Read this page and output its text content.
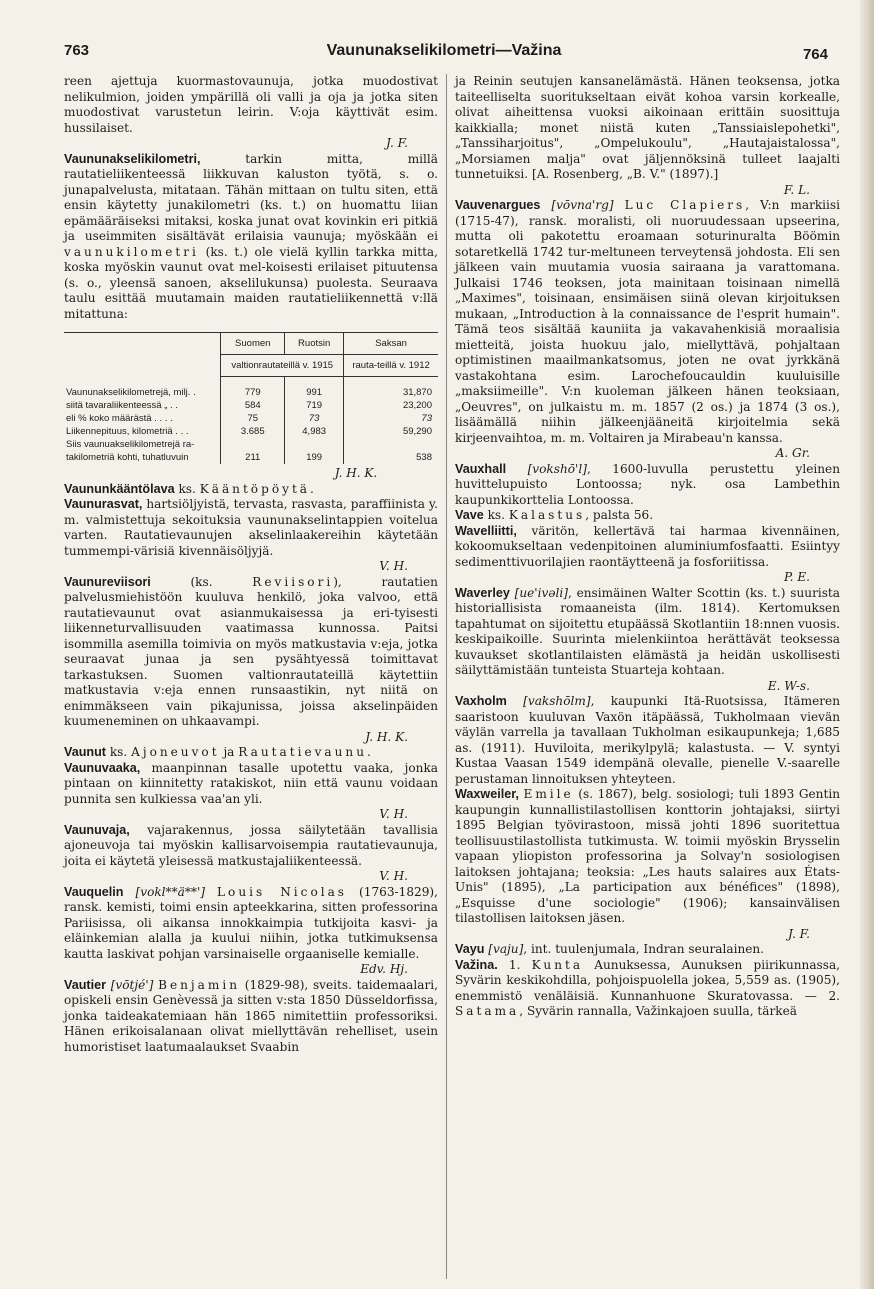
763	Vaununakselikilometri—Važina	764

reen ajettuja kuormastovaunuja, jotka muodostivat nelikulmion, joiden ympärillä oli valli ja oja ja jotka siten muodostivat varustetun leirin. V:oja käyttivät esim. hussilaiset.
J. F.

Vaununakselikilometri,	tarkin mitta, millä rautatieliikenteessä liikkuvan kaluston työtä, s. o. junapalvelusta, mitataan. Tähän mittaan on tultu siten, että ensin käytetty junakilometri (ks. t.) on huomattu liian epämääräiseksi mitaksi, koska junat ovat kovinkin eri pitkiä ja useimmiten sisältävät erilaisia vaunuja; myöskään ei vaunukilometri (ks. t.) ole vielä kyllin tarkka mitta, koska myöskin vaunut ovat mel-koisesti erilaiset pituutensa (s. o., yleensä sanoen, akselilukunsa) puolesta. Seuraava taulu esittää muutamain maiden rautatieliikennettä v:llä mitattuna:

	Suomen	Ruotsin	Saksan
	valtionrautateillä v. 1915		rauta-teillä v. 1912
Vaununakselikilometrejä, milj. .	779	991	31,870
siitä tavaraliikenteessä „ . .	584	719	23,200
eli % koko määrästä . . . .	75	73	73
Liikennepituus, kilometriä . . .	3.685	4,983	59,290
Siis vaunuakselikilometrejä ra-			
takilometriä kohti, tuhatluvuin	211	199	538
J. H. K.

Vaununkääntölava ks. Kääntöpöytä.

Vaunurasvat, hartsiöljyistä, tervasta, rasvasta, paraffiinista y. m. valmistettuja sekoituksia vaununakselintappien voitelua varten. Rautatievaunujen akselinlaakereihin käytetään tummempi-värisiä kivennäisöljyjä.
V. H.

Vaunureviisori	(ks.	Reviisori), rautatien palvelusmiehistöön kuuluva henkilö, joka valvoo, että rautatievaunut ovat asianmukaisessa ja eri-tyisesti liikenneturvallisuuden vaatimassa kunnossa. Paitsi isommilla asemilla toimivia on myös matkustavia v:eja, jotka seuraavat junaa ja sen pysähtyessä toimittavat tarkastuksen. Suomen valtionrautateillä käytettiin matkustavia v:eja ennen runsaastikin, nyt niitä on enimmäkseen vain pikajunissa, joissa akselinpäiden kuumeneminen on uhkaavampi.
J. H. K.

Vaunut ks. Ajoneuvot ja Rautatievaunu.

Vaunuvaaka, maanpinnan tasalle upotettu vaaka, jonka pintaan on kiinnitetty ratakiskot, niin että vaunu voidaan punnita sen kulkiessa vaa'an yli.
V. H.

Vaunuvaja, vajarakennus, jossa säilytetään tavallisia ajoneuvoja tai myöskin kallisarvoisempia rautatievaunuja, joita ei käytetä yleisessä matkustajaliikenteessä.
V. H.

Vauquelin [vokl**ä**'] Louis Nicolas (1763-1829), ransk. kemisti, toimi ensin apteekkarina, sitten professorina Pariisissa, oli aikansa innokkaimpia tutkijoita kasvi- ja eläinkemian alalla ja kuului niihin, jotka tutkimuksensa kautta laskivat pohjan varsinaiselle orgaaniselle kemialle.
Edv. Hj.

Vautier [vōtjé'] Benjamin (1829-98), sveits. taidemaalari, opiskeli ensin Genèvessä ja sitten v:sta 1850 Düsseldorfissa, jonka taideakatemiaan hän 1865 nimitettiin professoriksi. Hänen erikoisalanaan olivat miellyttävän rehelliset, usein humoristiset laatumaalaukset Svaabin

ja Reinin seutujen kansanelämästä. Hänen teoksensa, jotka taiteelliselta suoritukseltaan eivät kohoa varsin korkealle, olivat aiheittensa vuoksi aikoinaan erittäin suosittuja kaikkialla; monet niistä kuten „Tanssiaislepohetki", „Tanssiharjoitus", „Ompelukoulu", „Hautajaistalossa", „Morsiamen malja" ovat jäljennöksinä tulleet laajalti tunnetuiksi. [A. Rosenberg, „B. V." (1897).]
F. L.

Vauvenargues [vōvna'rg] Luc Clapiers, V:n markiisi (1715-47), ransk. moralisti, oli nuoruudessaan upseerina, mutta oli pakotettu eroamaan soturinuralta Böömin sotaretkellä 1742 tur-meltuneen terveytensä johdosta. Eli sen jälkeen vain muutamia vuosia sairaana ja varattomana. Julkaisi 1746 teoksen, jota mainitaan toisinaan nimellä „Maximes", toisinaan, ensimäisen siinä olevan kirjoituksen mukaan, „Introduction à la connaissance de l'esprit humain". Tämä teos sisältää kauniita ja vakavahenkisiä moraalisia mietteitä, joista huokuu jalo, miellyttävä, pohjaltaan optimistinen maailmankatsomus, joten ne ovat jyrkkänä vastakohtana esim. Larochefoucauldin kuuluisille „maksiimeille". V:n kuoleman jälkeen hänen teoksiaan, „Oeuvres", on julkaistu m. m. 1857 (2 os.) ja 1874 (3 os.), lisäämällä niihin jälkeenjääneitä kirjoitelmia sekä kirjeenvaihtoa, m. m. Voltairen ja Mirabeau'n kanssa.
A. Gr.

Vauxhall [vokshō'l], 1600-luvulla perustettu yleinen huvittelupuisto Lontoossa; nyk. osa Lambethin kaupunkikorttelia Lontoossa.

Vave ks. Kalastus, palsta 56.

Wavelliitti, väritön, kellertävä tai harmaa kivennäinen, kokoomukseltaan vedenpitoinen aluminiumfosfaatti. Esiintyy sedimenttivuorilajien raontäytteenä ja fosforiitissa.
P. E.

Waverley [ue'ivəli], ensimäinen Walter Scottin (ks. t.) suurista historiallisista romaaneista (ilm. 1814). Kertomuksen tapahtumat on sijoitettu etupäässä Skotlantiin 18:nnen vuosis. keskipaikoille. Suurinta mielenkiintoa herättävät teoksessa kuvaukset skotlantilaisten elämästä ja heidän uskollisesti säilyttämistään tunteista Stuarteja kohtaan.
E. W-s.

Vaxholm [vakshōlm], kaupunki Itä-Ruotsissa, Itämeren saaristoon kuuluvan Vaxön itäpäässä, Tukholmaan vievän väylän varrella ja tavallaan Tukholman esikaupunkeja; 1,685 as. (1911). Huviloita, merikylpylä; kalastusta. — V. syntyi Kustaa Vaasan 1549 idempänä olevalle, pienelle V.-saarelle perustaman linnoituksen yhteyteen.

Waxweiler, Emile (s. 1867), belg. sosiologi; tuli 1893 Gentin kaupungin kunnallistilastollisen konttorin johtajaksi, siirtyi 1895 Belgian työvirastoon, missä johti 1896 suoritettua teollisuustilastollista tutkimusta. W. toimii myöskin Brysselin vapaan yliopiston professorina ja Solvay'n sosiologisen laitoksen johtajana; teoksia: „Les hauts salaires aux États-Unis" (1895), „La participation aux bénéfices" (1898), „Esquisse d'une sociologie" (1906); kansainvälisen tilastollisen laitoksen jäsen.
J. F.

Vayu [vaju], int. tuulenjumala, Indran seuralainen.

Važina. 1. Kunta Aunuksessa, Aunuksen piirikunnassa, Syvärin keskikohdilla, pohjoispuolella jokea, 5,559 as. (1905), enemmistö venäläisiä. Kunnanhuone Skuratovassa. — 2. Satama, Syvärin rannalla, Važinkajoen suulla, tärkeä
